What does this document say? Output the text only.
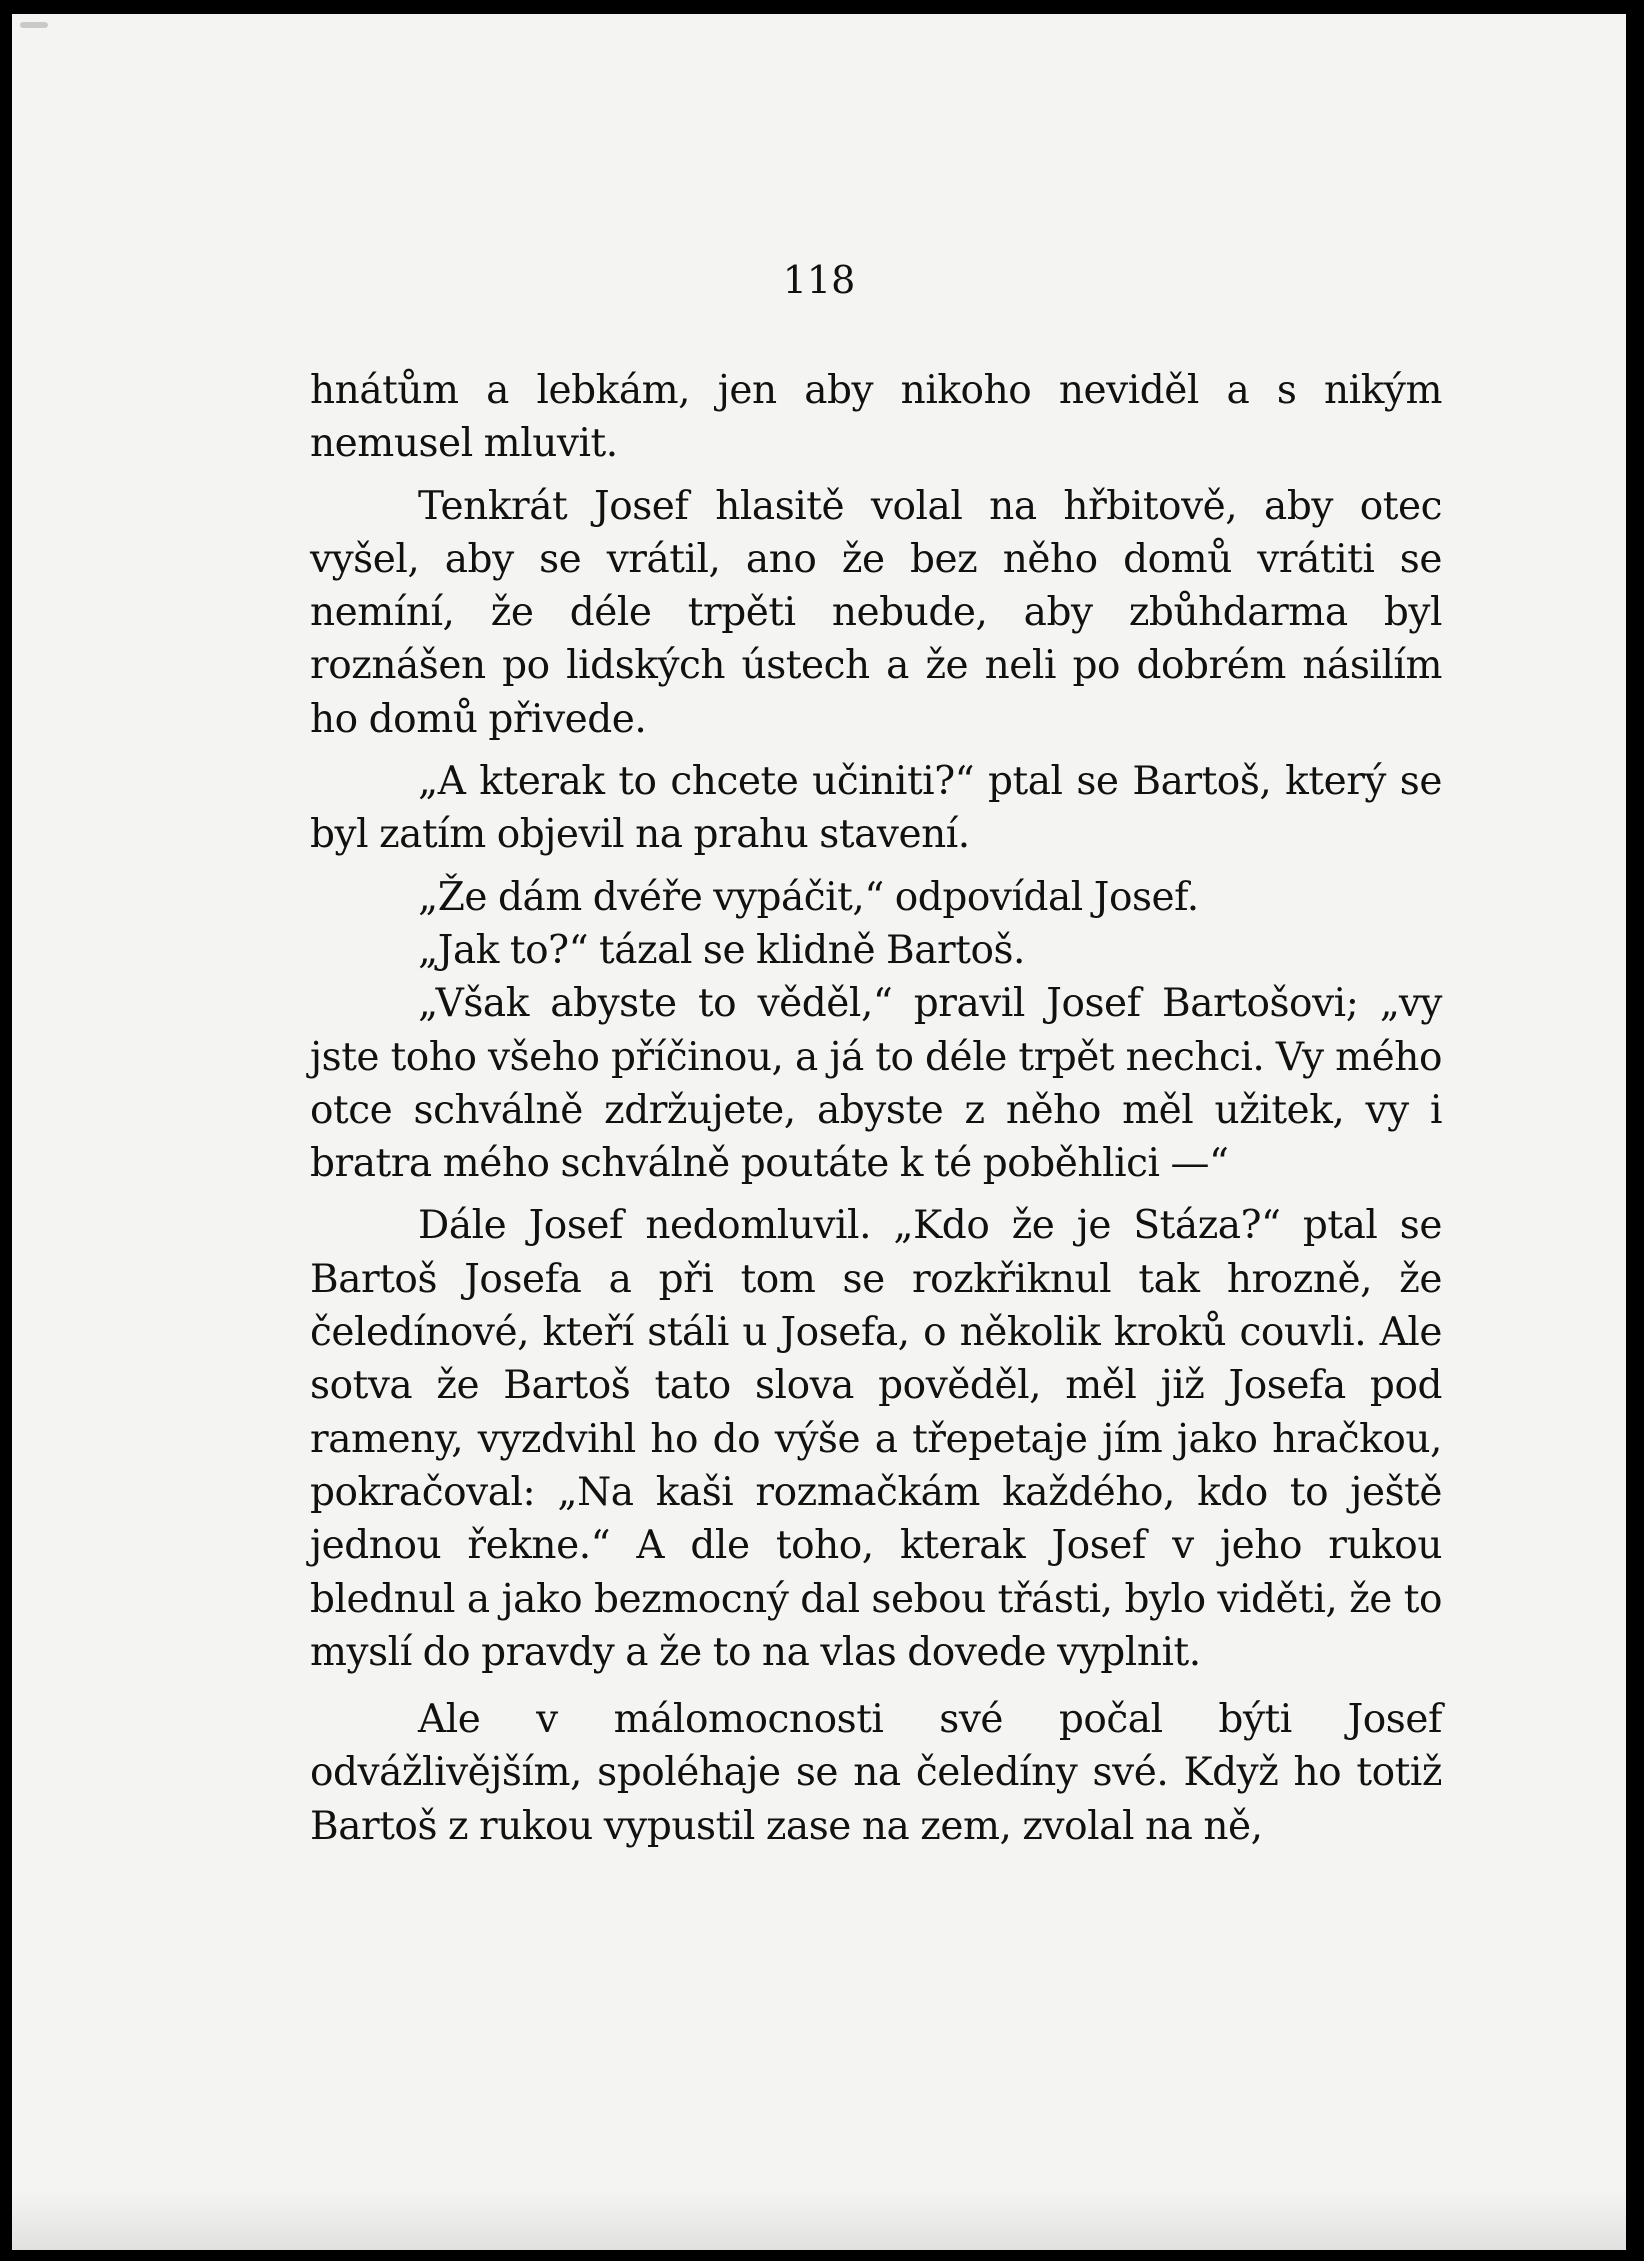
118

hnátům a lebkám, jen aby nikoho neviděl a s nikým nemusel mluvit.

Tenkrát Josef hlasitě volal na hřbitově, aby otec vyšel, aby se vrátil, ano že bez něho domů vrátiti se nemíní, že déle trpěti nebude, aby zbůhdarma byl roznášen po lidských ústech a že neli po dobrém násilím ho domů přivede.

„A kterak to chcete učiniti?“ ptal se Bartoš, který se byl zatím objevil na prahu stavení.

„Že dám dvéře vypáčit,“ odpovídal Josef.

„Jak to?“ tázal se klidně Bartoš.

„Však abyste to věděl,“ pravil Josef Bartošovi; „vy jste toho všeho příčinou, a já to déle trpět nechci. Vy mého otce schválně zdržujete, abyste z něho měl užitek, vy i bratra mého schválně poutáte k té poběhlici —“

Dále Josef nedomluvil. „Kdo že je Stáza?“ ptal se Bartoš Josefa a při tom se rozkřiknul tak hrozně, že čeledínové, kteří stáli u Josefa, o několik kroků couvli. Ale sotva že Bartoš tato slova pověděl, měl již Josefa pod rameny, vyzdvihl ho do výše a třepetaje jím jako hračkou, pokračoval: „Na kaši rozmačkám každého, kdo to ještě jednou řekne.“ A dle toho, kterak Josef v jeho rukou blednul a jako bezmocný dal sebou třásti, bylo viděti, že to myslí do pravdy a že to na vlas dovede vyplnit.

Ale v málomocnosti své počal býti Josef odvážlivějším, spoléhaje se na čeledíny své. Když ho totiž Bartoš z rukou vypustil zase na zem, zvolal na ně,
